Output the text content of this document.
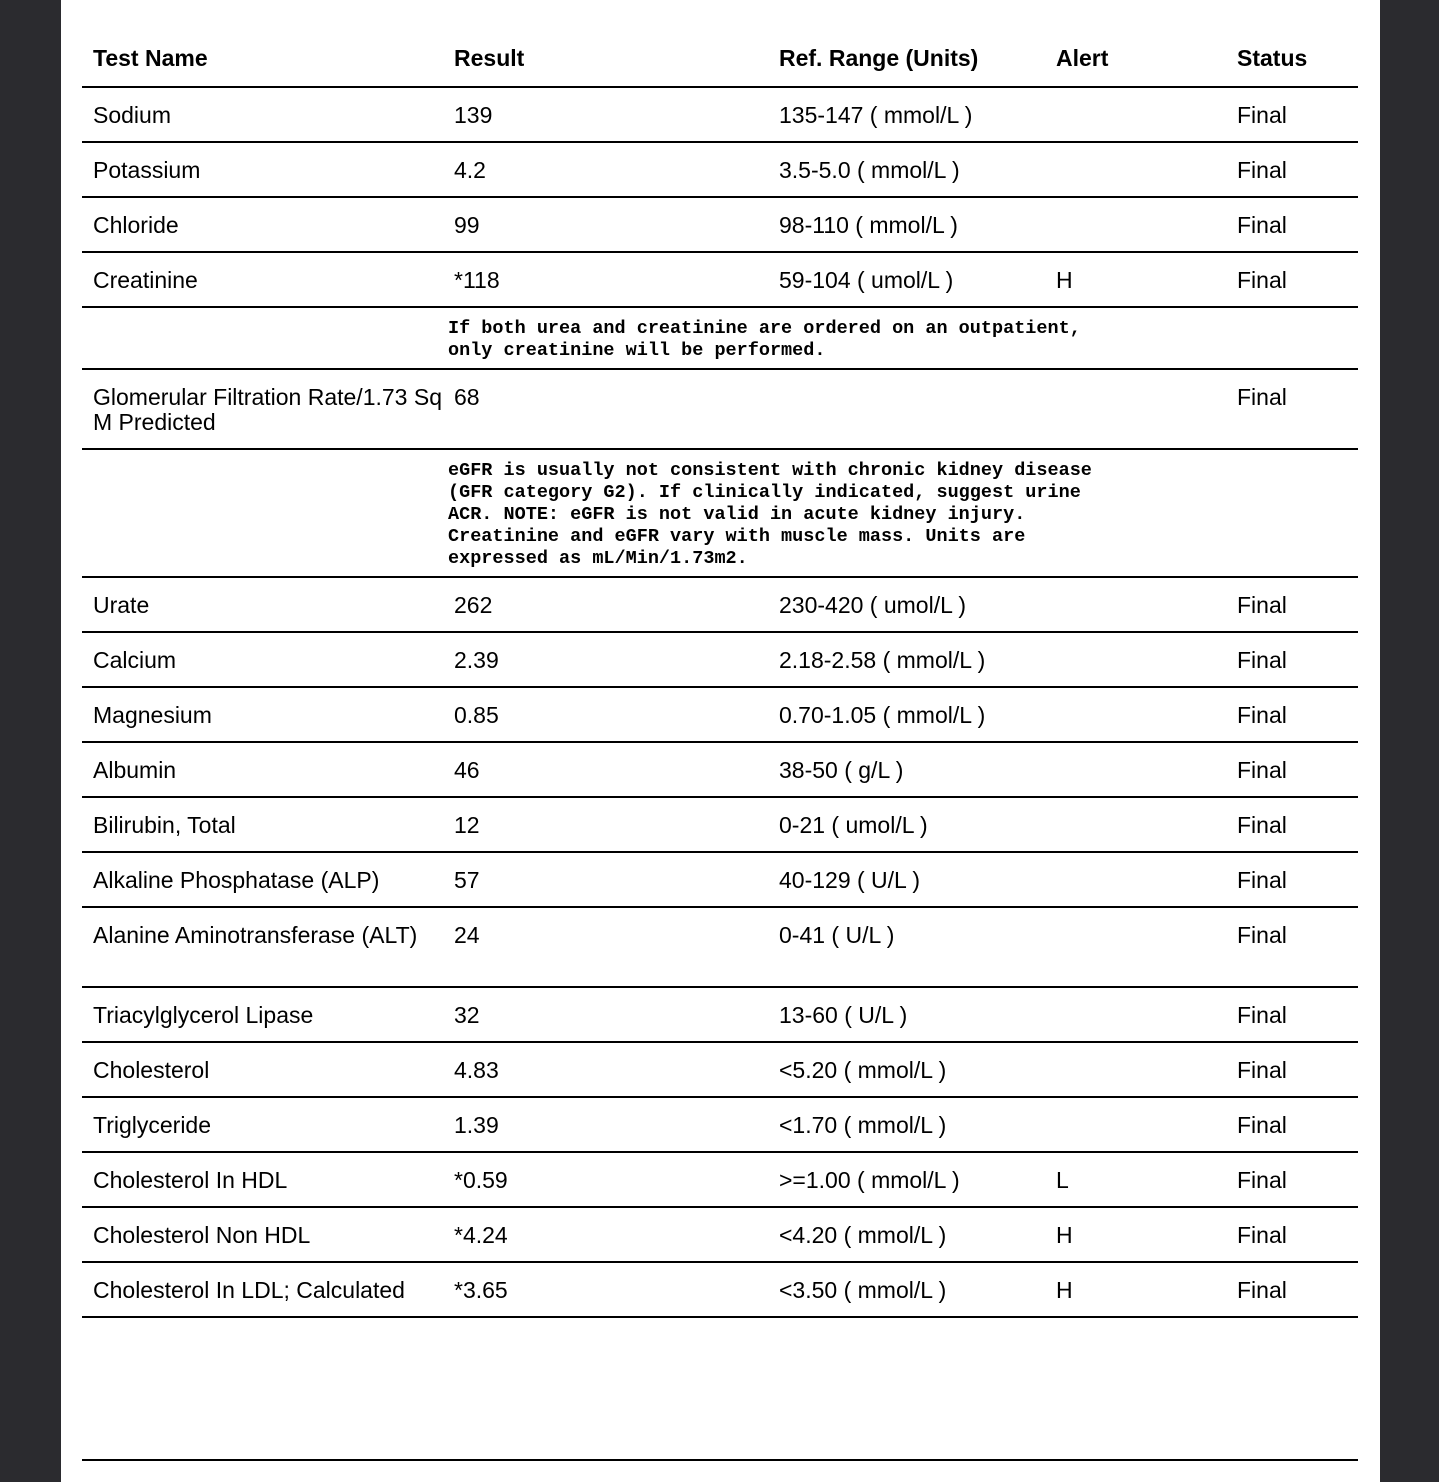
Test Name	Result	Ref. Range (Units)	Alert	Status
Sodium	139	135-147 ( mmol/L )		Final
Potassium	4.2	3.5-5.0 ( mmol/L )		Final
Chloride	99	98-110 ( mmol/L )		Final
Creatinine	*118	59-104 ( umol/L )	H	Final

	If both urea and creatinine are ordered on an outpatient,
only creatinine will be performed.			

Glomerular Filtration Rate/1.73 Sq M Predicted	68			Final

	eGFR is usually not consistent with chronic kidney disease
(GFR category G2). If clinically indicated, suggest urine
ACR. NOTE: eGFR is not valid in acute kidney injury.
Creatinine and eGFR vary with muscle mass. Units are
expressed as mL/Min/1.73m2.			

Urate	262	230-420 ( umol/L )		Final
Calcium	2.39	2.18-2.58 ( mmol/L )		Final
Magnesium	0.85	0.70-1.05 ( mmol/L )		Final
Albumin	46	38-50 ( g/L )		Final
Bilirubin, Total	12	0-21 ( umol/L )		Final
Alkaline Phosphatase (ALP)	57	40-129 ( U/L )		Final
Alanine Aminotransferase (ALT)	24	0-41 ( U/L )		Final
Triacylglycerol Lipase	32	13-60 ( U/L )		Final
Cholesterol	4.83	<5.20 ( mmol/L )		Final
Triglyceride	1.39	<1.70 ( mmol/L )		Final
Cholesterol In HDL	*0.59	>=1.00 ( mmol/L )	L	Final
Cholesterol Non HDL	*4.24	<4.20 ( mmol/L )	H	Final
Cholesterol In LDL; Calculated	*3.65	<3.50 ( mmol/L )	H	Final
